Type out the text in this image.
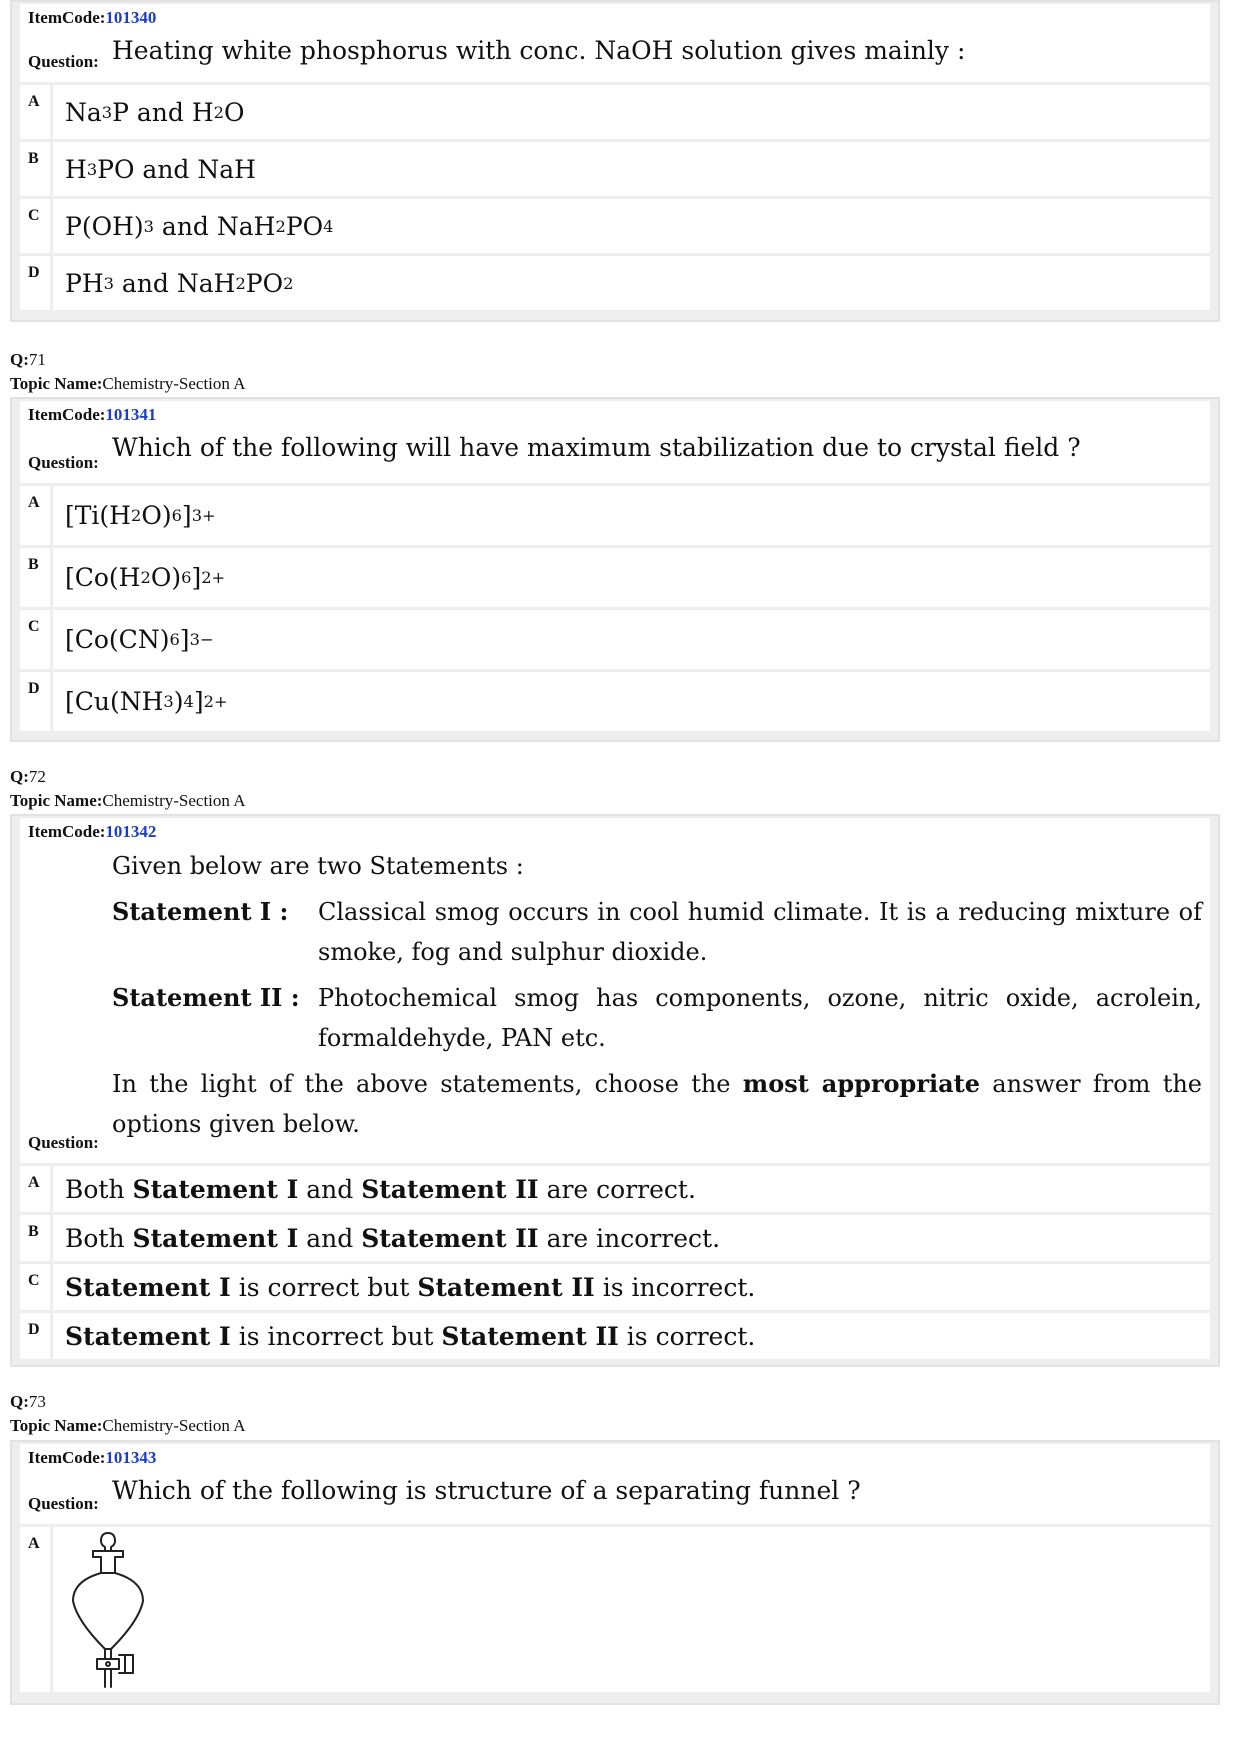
ItemCode:101340
Question: Heating white phosphorus with conc. NaOH solution gives mainly :
A	Na 3 P and H 2 O
B	H 3 PO and NaH
C	P(OH) 3 and NaH 2 PO 4
D	PH 3 and NaH 2 PO 2
Q:71
Topic Name:Chemistry-Section A
ItemCode:101341
Question:
Which of the following will have maximum stabilization due to crystal field ?
A	[Ti(H 2 O) 6 ] 3+
B	[Co(H 2 O) 6 ] 2+
C	[Co(CN) 6 ] 3−
D	[Cu(NH 3 ) 4 ] 2+
Q:72
Topic Name:Chemistry-Section A
ItemCode:101342
Question:
Given below are two Statements :
Statement I :	Classical smog occurs in cool humid climate. It is a reducing mixture of smoke, fog and sulphur dioxide.
Statement II : Photochemical smog has components, ozone, nitric oxide, acrolein, formaldehyde, PAN etc.
In the light of the above statements, choose the most appropriate answer from the options given below.
A	Both Statement I and Statement II are correct.
B	Both Statement I and Statement II are incorrect.
C	Statement I is correct but Statement II is incorrect.
D	Statement I is incorrect but Statement II is correct.
Q:73
Topic Name:Chemistry-Section A
ItemCode:101343
Question: Which of the following is structure of a separating funnel ?
A
